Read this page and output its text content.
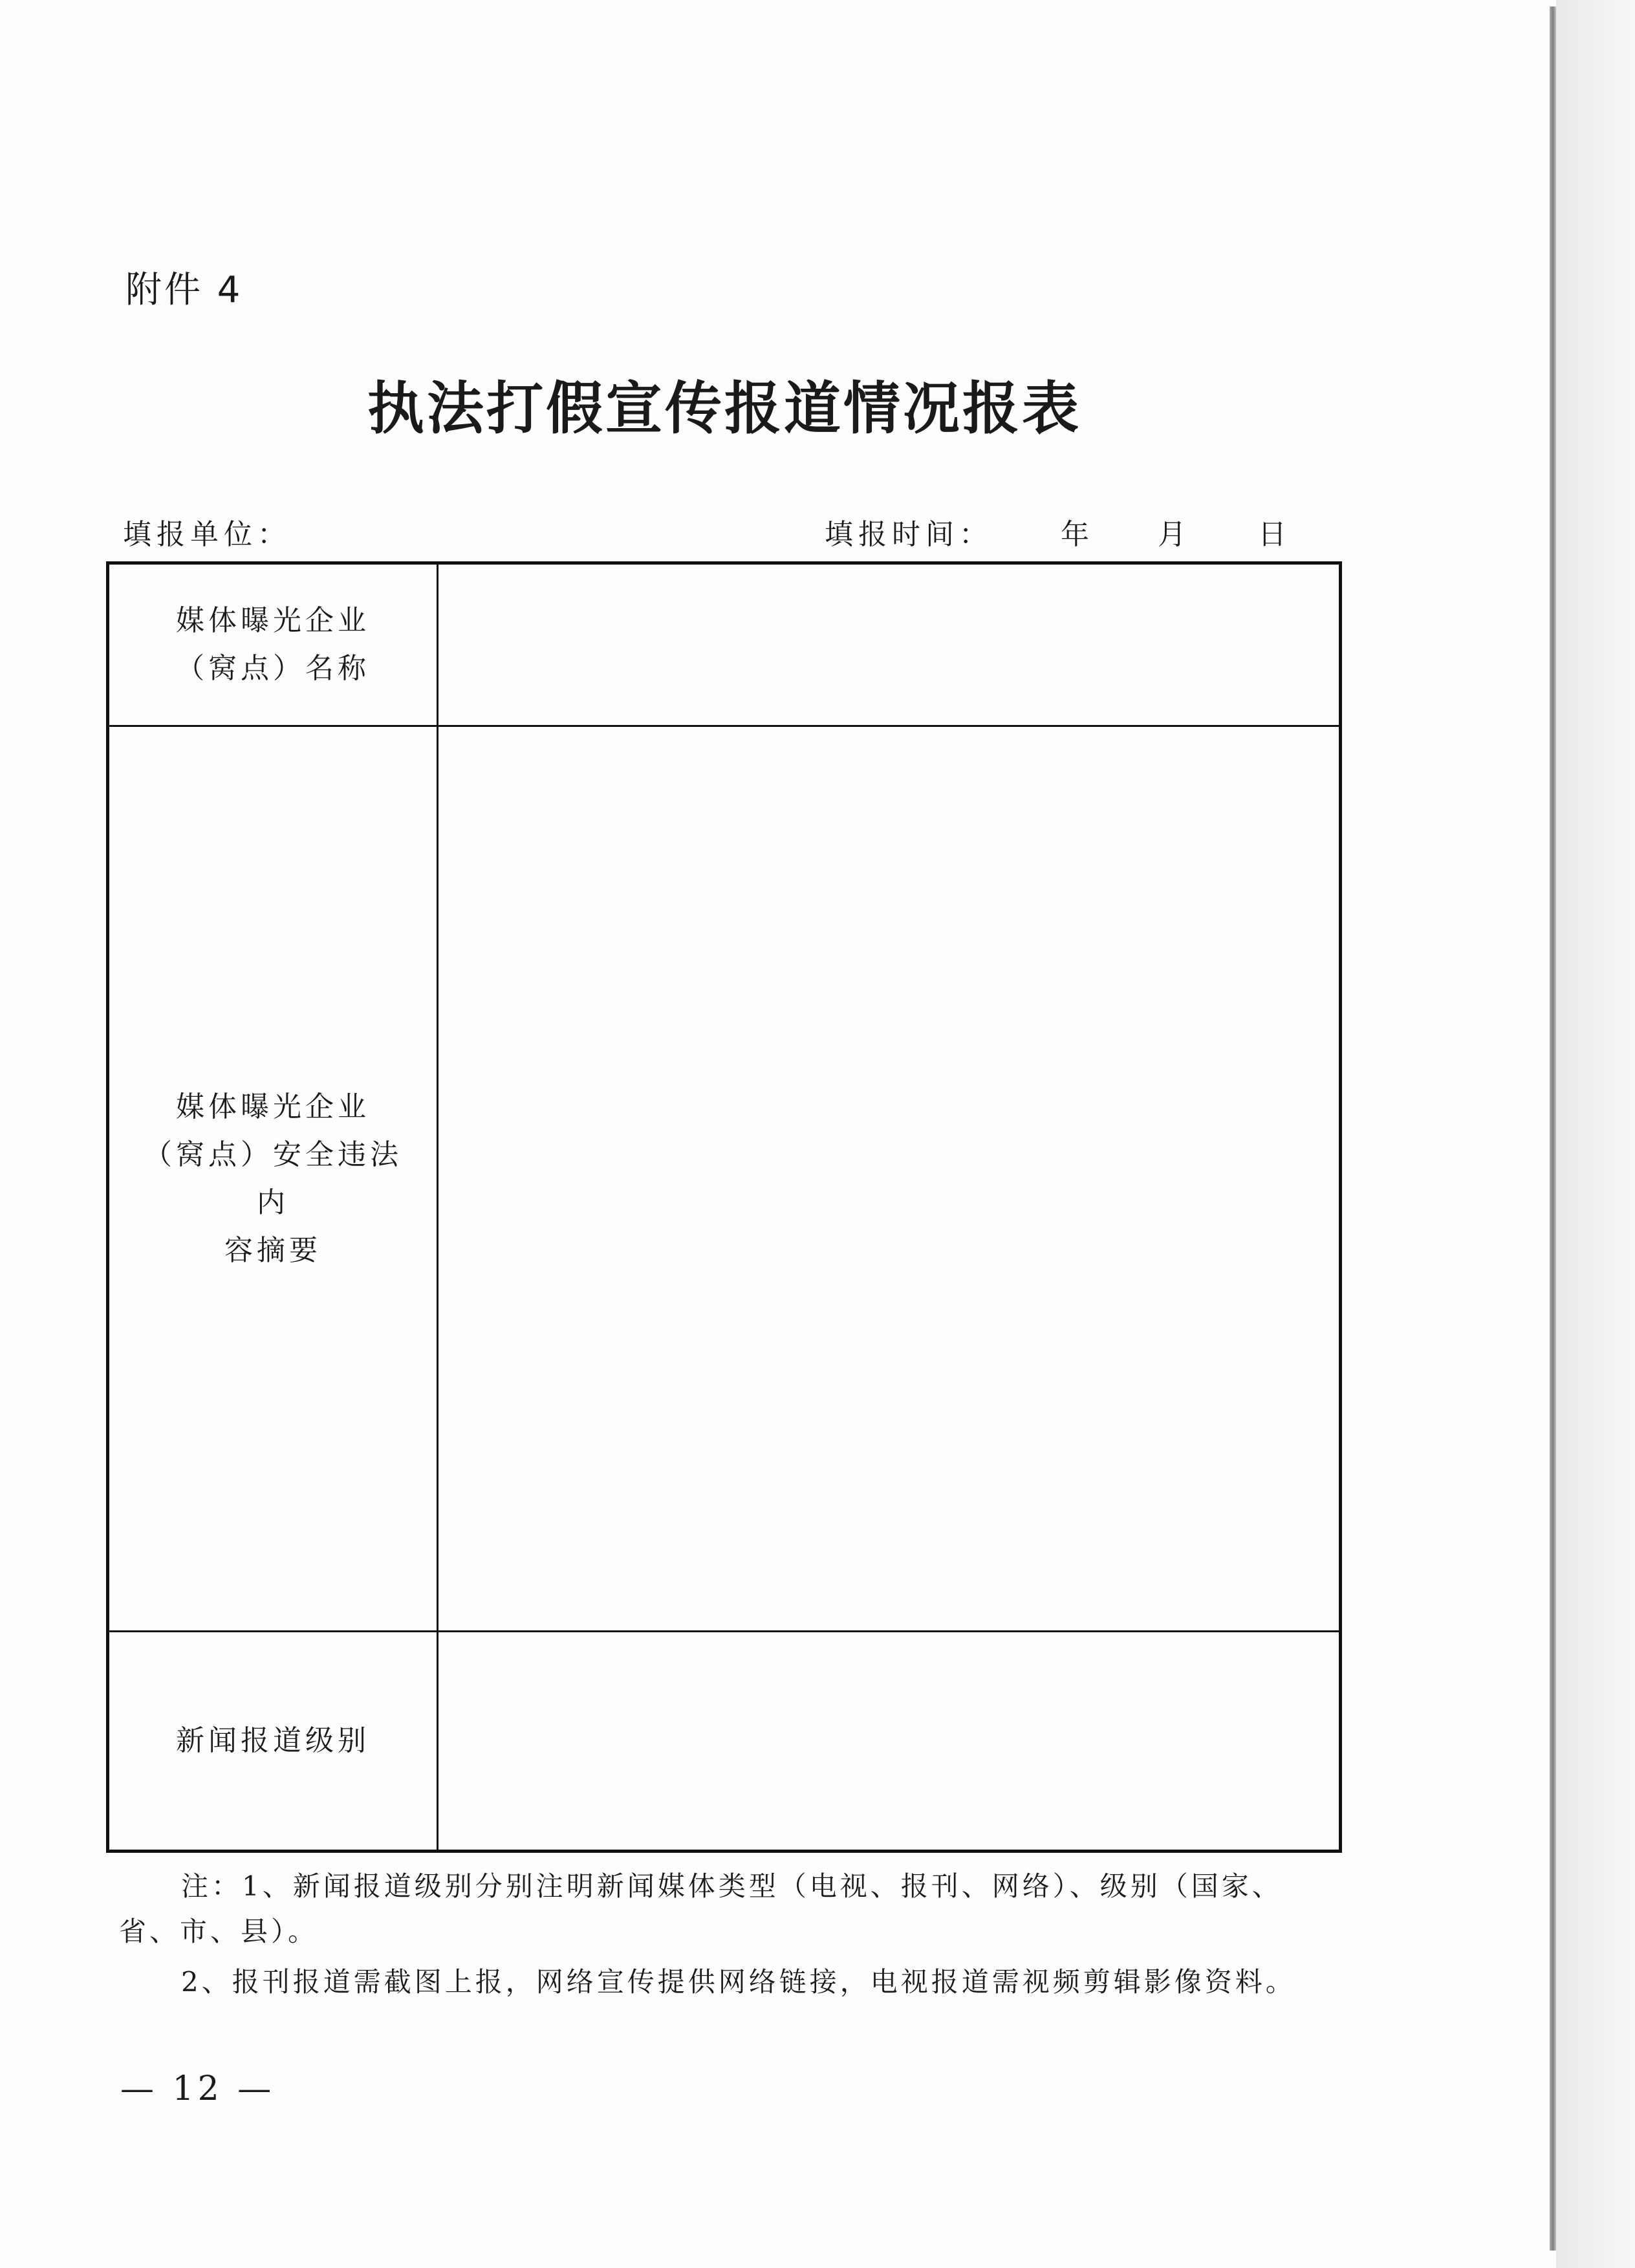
附件 4
执法打假宣传报道情况报表
填报单位：	填报时间： 年 月 日
媒体曝光企业
（窝点）名称	

媒体曝光企业
（窝点）安全违法内
容摘要	

新闻报道级别	

注：1、新闻报道级别分别注明新闻媒体类型（电视、报刊、网络）、级别（国家、省、市、县）。
2、报刊报道需截图上报，网络宣传提供网络链接，电视报道需视频剪辑影像资料。
— 12 —
